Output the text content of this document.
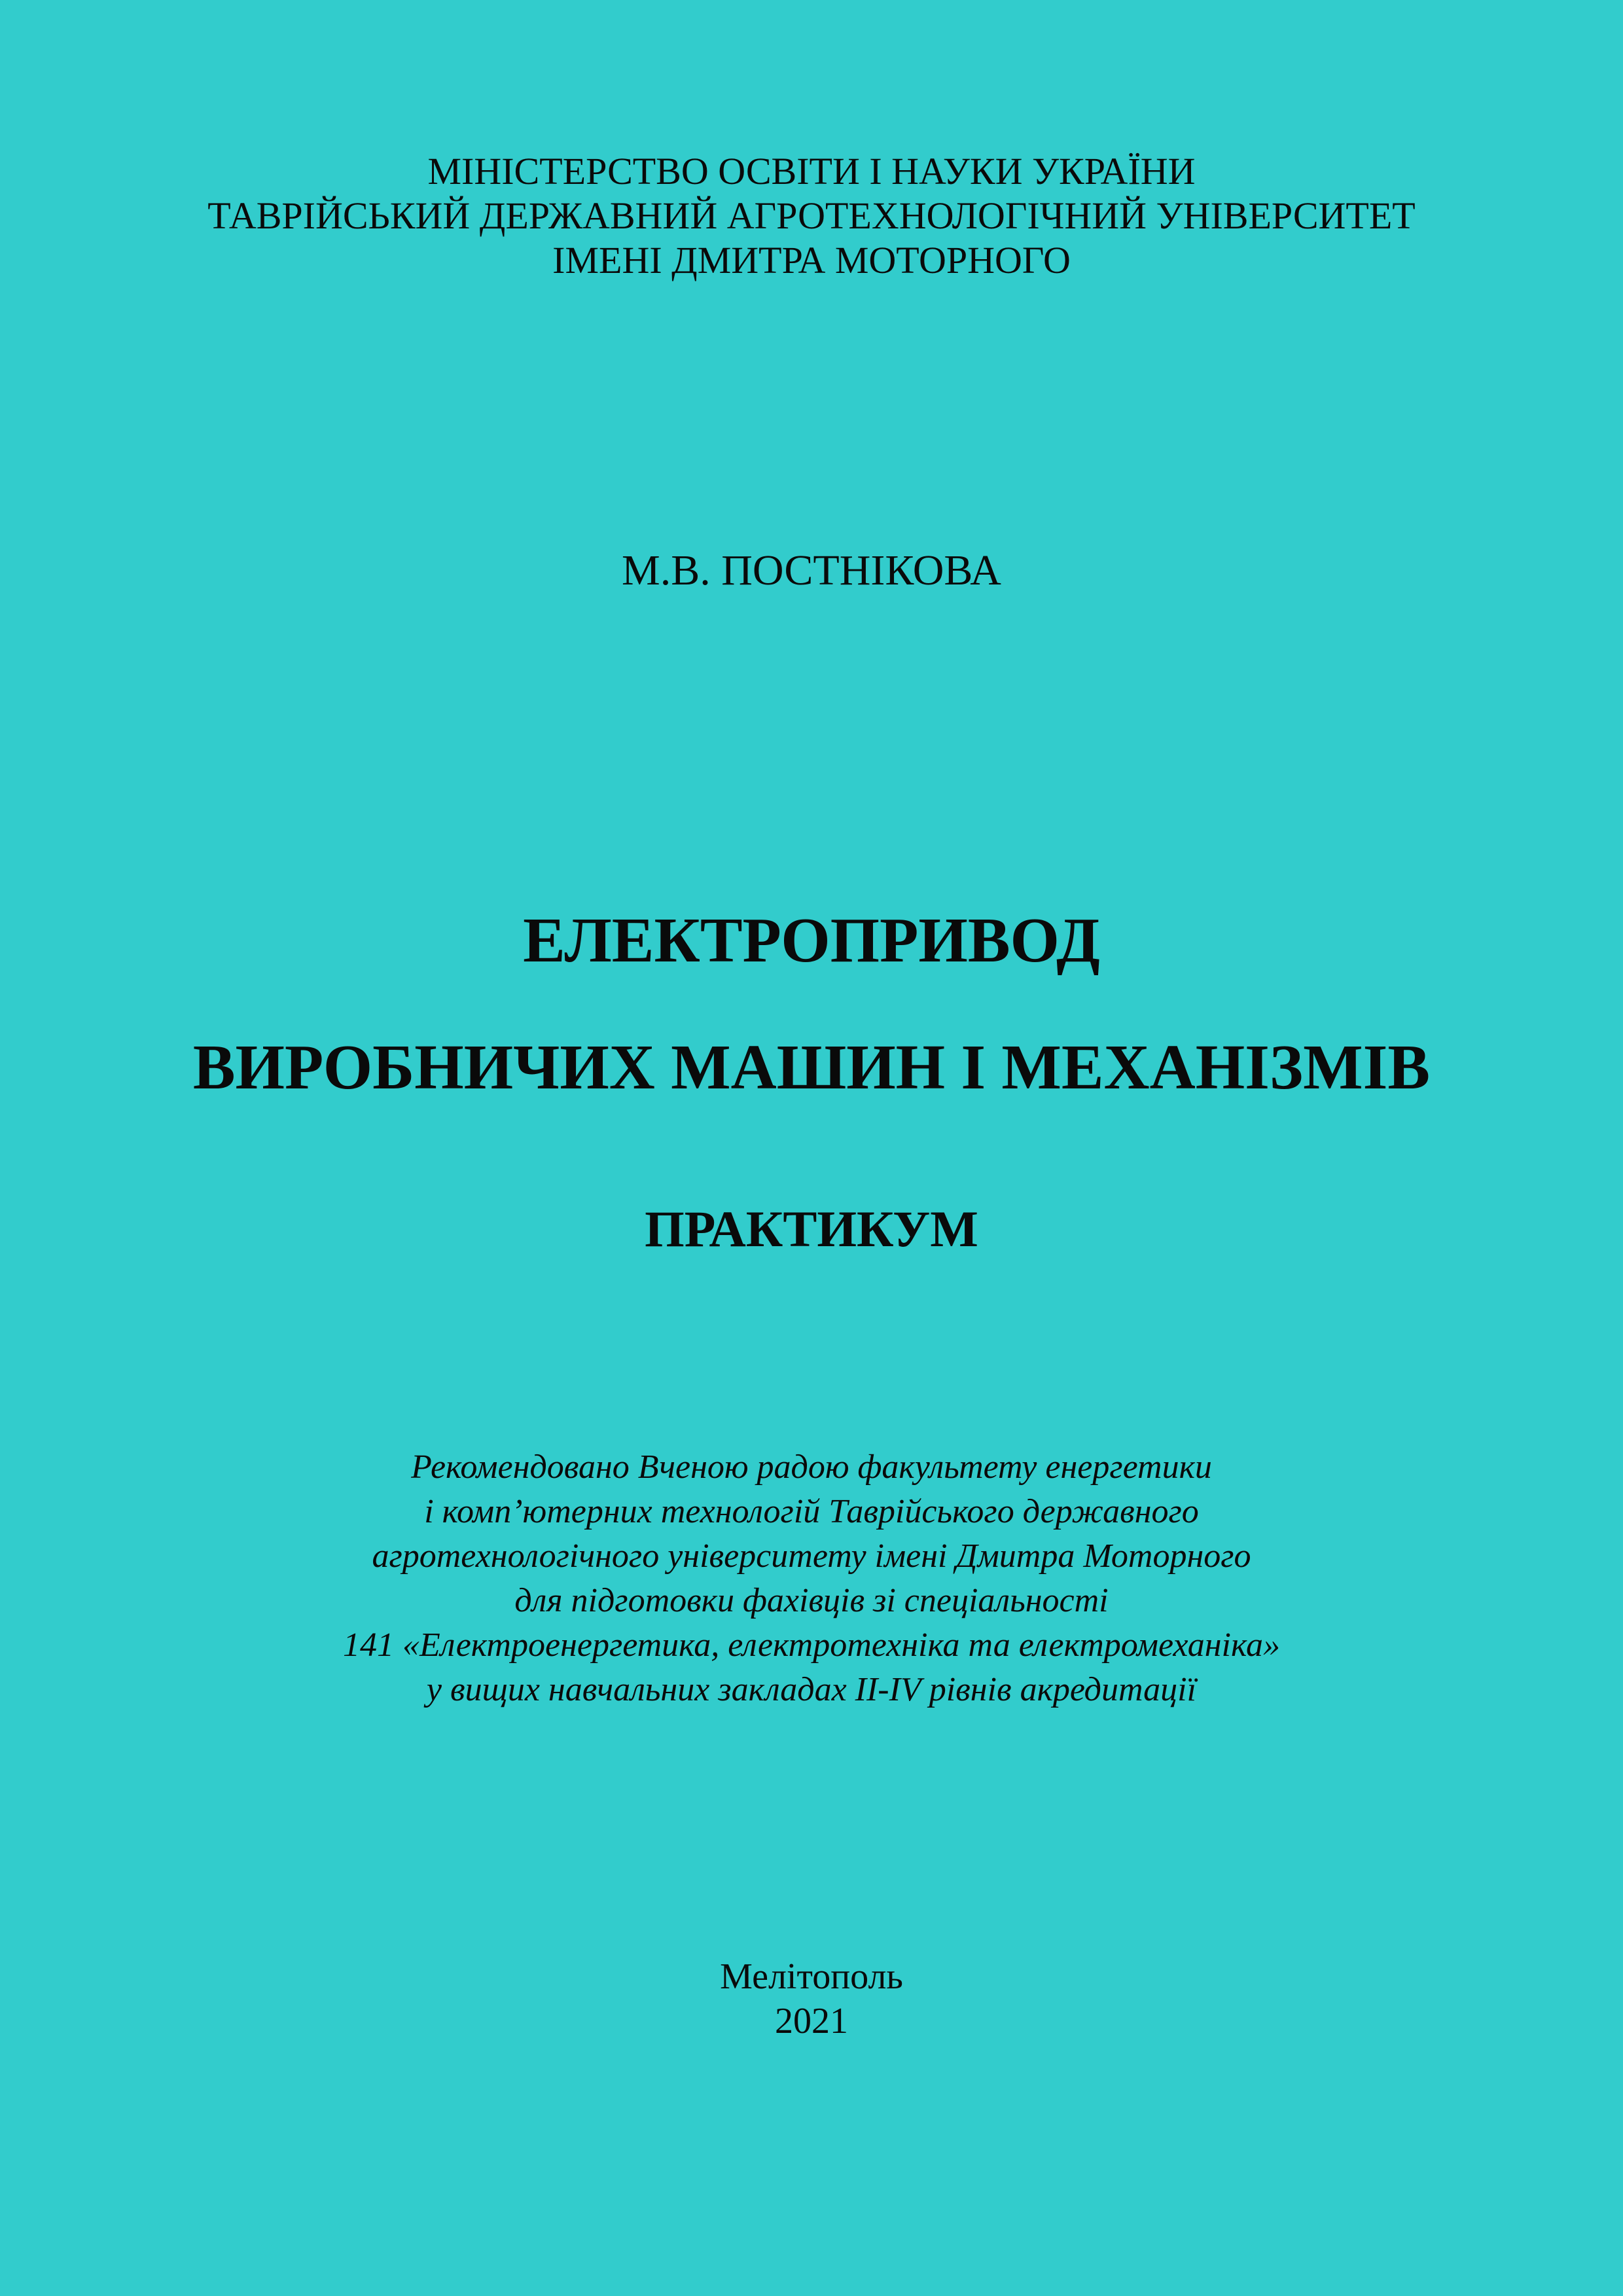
МІНІСТЕРСТВО ОСВІТИ І НАУКИ УКРАЇНИ
ТАВРІЙСЬКИЙ ДЕРЖАВНИЙ АГРОТЕХНОЛОГІЧНИЙ УНІВЕРСИТЕТ
ІМЕНІ ДМИТРА МОТОРНОГО
М.В. ПОСТНІКОВА
ЕЛЕКТРОПРИВОД
ВИРОБНИЧИХ МАШИН І МЕХАНІЗМІВ
ПРАКТИКУМ
Рекомендовано Вченою радою факультету енергетики
і комп’ютерних технологій Таврійського державного
агротехнологічного університету імені Дмитра Моторного
для підготовки фахівців зі спеціальності
141 «Електроенергетика, електротехніка та електромеханіка»
у вищих навчальних закладах ІІ-ІV рівнів акредитації
Мелітополь
2021
